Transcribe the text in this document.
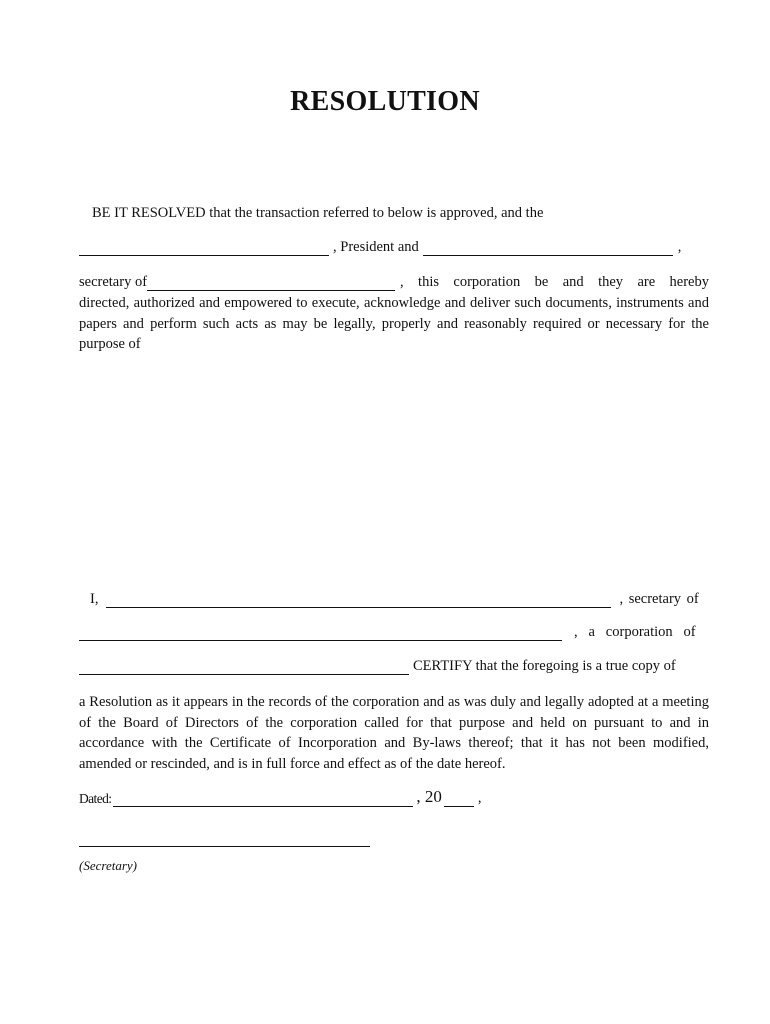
RESOLUTION
BE IT RESOLVED that the transaction referred to below is approved, and the
, President and	,
secretary of	, this corporation be and they are hereby
directed, authorized and empowered to execute, acknowledge and deliver such documents, instruments and papers and perform such acts as may be legally, properly and reasonably required or necessary for the purpose of
I,	, secretary of
,   a   corporation   of
CERTIFY that the foregoing is a true copy of
a Resolution as it appears in the records of the corporation and as was duly and legally adopted at a meeting of the Board of Directors of the corporation called for that purpose and held on pursuant to and in accordance with the Certificate of Incorporation and By-laws thereof; that it has not been modified, amended or rescinded, and is in full force and effect as of the date hereof.
Dated:	, 20 ,
(Secretary)
